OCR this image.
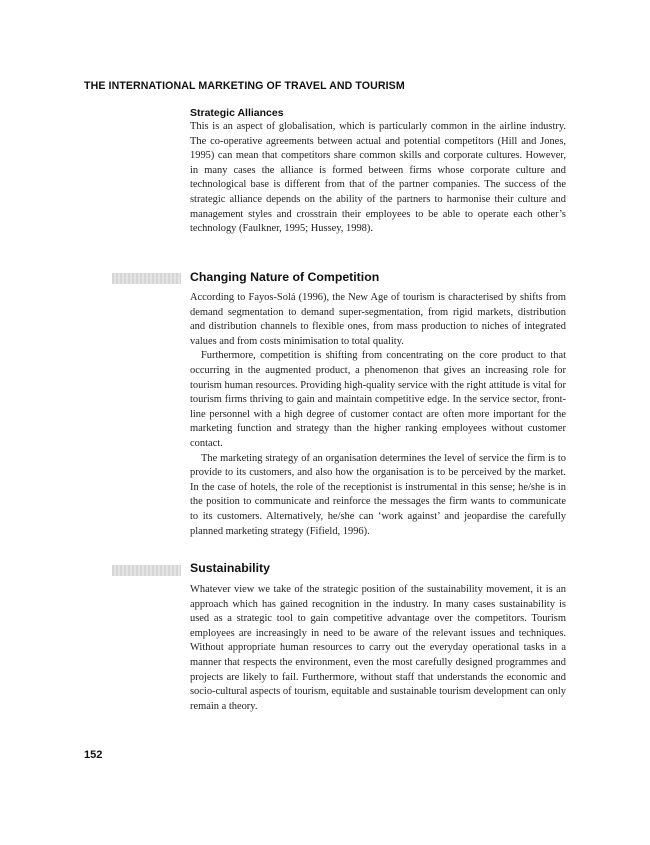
THE INTERNATIONAL MARKETING OF TRAVEL AND TOURISM
Strategic Alliances

This is an aspect of globalisation, which is particularly common in the airline industry. The co-operative agreements between actual and potential competitors (Hill and Jones, 1995) can mean that competitors share common skills and corporate cultures. However, in many cases the alliance is formed between firms whose corporate culture and technological base is different from that of the partner companies. The success of the strategic alliance depends on the ability of the partners to harmonise their culture and management styles and crosstrain their employees to be able to operate each other’s technology (Faulkner, 1995; Hussey, 1998).

Changing Nature of Competition

According to Fayos-Solá (1996), the New Age of tourism is characterised by shifts from demand segmentation to demand super-segmentation, from rigid markets, distribution and distribution channels to flexible ones, from mass production to niches of integrated values and from costs minimisation to total quality.

Furthermore, competition is shifting from concentrating on the core product to that occurring in the augmented product, a phenomenon that gives an increasing role for tourism human resources. Providing high-quality service with the right attitude is vital for tourism firms thriving to gain and maintain competitive edge. In the service sector, front-line personnel with a high degree of customer contact are often more important for the marketing function and strategy than the higher ranking employees without customer contact.

The marketing strategy of an organisation determines the level of service the firm is to provide to its customers, and also how the organisation is to be perceived by the market. In the case of hotels, the role of the receptionist is instrumental in this sense; he/she is in the position to communicate and reinforce the messages the firm wants to communicate to its customers. Alternatively, he/she can ‘work against’ and jeopardise the carefully planned marketing strategy (Fifield, 1996).

Sustainability

Whatever view we take of the strategic position of the sustainability movement, it is an approach which has gained recognition in the industry. In many cases sustainability is used as a strategic tool to gain competitive advantage over the competitors. Tourism employees are increasingly in need to be aware of the relevant issues and techniques. Without appropriate human resources to carry out the everyday operational tasks in a manner that respects the environment, even the most carefully designed programmes and projects are likely to fail. Furthermore, without staff that understands the economic and socio-cultural aspects of tourism, equitable and sustainable tourism development can only remain a theory.

152
